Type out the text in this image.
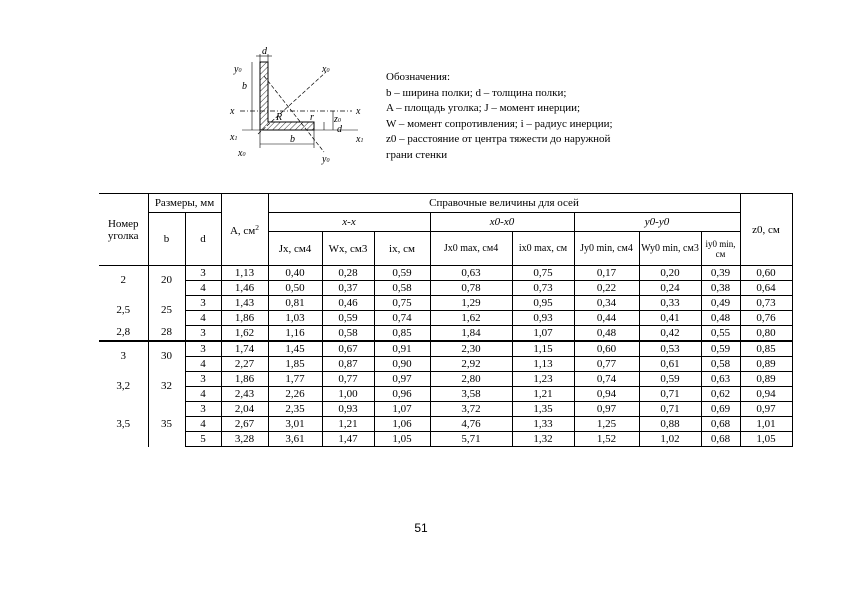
d
y0	x0
b
x	x
z0
R	r
d
x1	x1
b
x0	y0
Обозначения:
b – ширина полки; d – толщина полки;
A – площадь уголка; J – момент инерции;
W – момент сопротивления; i – радиус инерции;
z0 – расстояние от центра тяжести до наружной
грани стенки
Номер уголка	Размеры, мм		A, $см^2$	Справочные величины для осей								z0, см
	b	d		x-x			x0-x0		y0-y0			
				Jx, см4	Wx, см3	ix, см	Jx0 max, см4	ix0 max, см	Jy0 min, см4	Wy0 min, см3	iy0 min, см	
2	20	3	1,13	0,40	0,28	0,59	0,63	0,75	0,17	0,20	0,39	0,60
		4	1,46	0,50	0,37	0,58	0,78	0,73	0,22	0,24	0,38	0,64
2,5	25	3	1,43	0,81	0,46	0,75	1,29	0,95	0,34	0,33	0,49	0,73
		4	1,86	1,03	0,59	0,74	1,62	0,93	0,44	0,41	0,48	0,76
2,8	28	3	1,62	1,16	0,58	0,85	1,84	1,07	0,48	0,42	0,55	0,80
3	30	3	1,74	1,45	0,67	0,91	2,30	1,15	0,60	0,53	0,59	0,85
		4	2,27	1,85	0,87	0,90	2,92	1,13	0,77	0,61	0,58	0,89
3,2	32	3	1,86	1,77	0,77	0,97	2,80	1,23	0,74	0,59	0,63	0,89
		4	2,43	2,26	1,00	0,96	3,58	1,21	0,94	0,71	0,62	0,94
3,5	35	3	2,04	2,35	0,93	1,07	3,72	1,35	0,97	0,71	0,69	0,97
		4	2,67	3,01	1,21	1,06	4,76	1,33	1,25	0,88	0,68	1,01
		5	3,28	3,61	1,47	1,05	5,71	1,32	1,52	1,02	0,68	1,05
51
